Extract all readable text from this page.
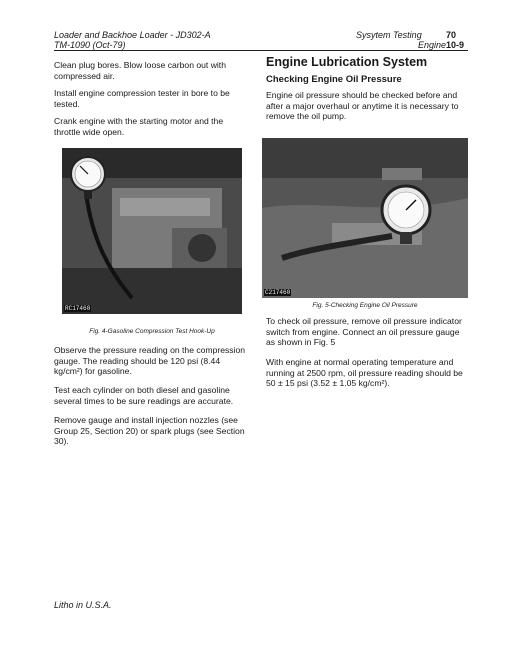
Loader and Backhoe Loader - JD302-A
TM-1090 (Oct-79)
Sysytem Testing	70
Engine 10-9

Clean plug bores. Blow loose carbon out with compressed air.

Install engine compression tester in bore to be tested.

Crank engine with the starting motor and the throttle wide open.

RC17460

Fig. 4-Gasoline Compression Test Hook-Up

Observe the pressure reading on the compression gauge. The reading should be 120 psi (8.44 kg/cm²) for gasoline.

Test each cylinder on both diesel and gasoline several times to be sure readings are accurate.

Remove gauge and install injection nozzles (see Group 25, Section 20) or spark plugs (see Section 30).

Engine Lubrication System
Checking Engine Oil Pressure

Engine oil pressure should be checked before and after a major overhaul or anytime it is necessary to remove the oil pump.

C217460

Fig. 5-Checking Engine Oil Pressure

To check oil pressure, remove oil pressure indicator switch from engine. Connect an oil pressure gauge as shown in Fig. 5

With engine at normal operating temperature and running at 2500 rpm, oil pressure reading should be 50 ± 15 psi (3.52 ± 1.05 kg/cm²).

Litho in U.S.A.
